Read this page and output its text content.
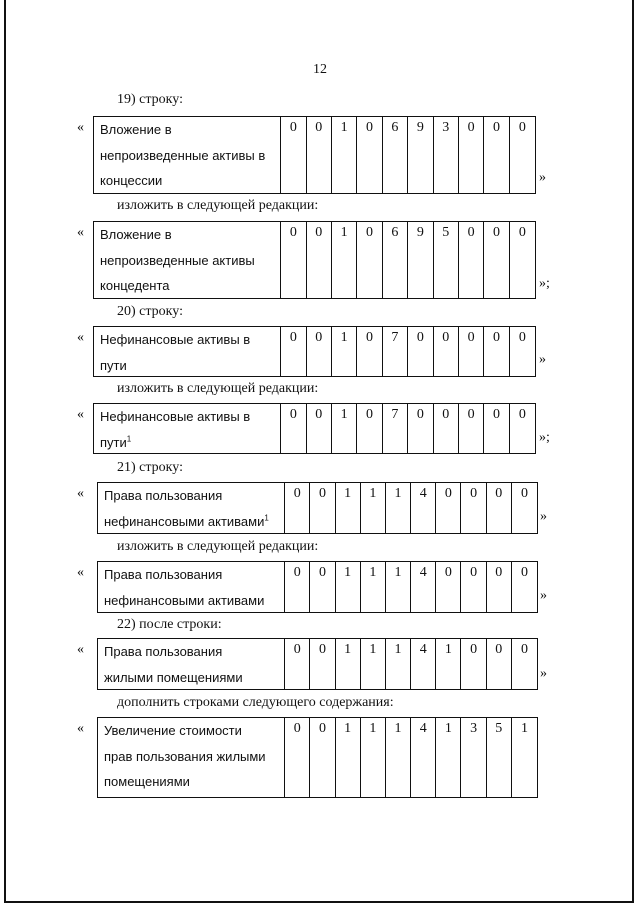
12
19) строку:
« Вложение в
непроизведенные активы в
концессии
0	0	1	0	6	9	3	0	0	0
»
изложить в следующей редакции:
« Вложение в
непроизведенные активы
концедента
0	0	1	0	6	9	5	0	0	0
»;
20) строку:
« Нефинансовые активы в
пути
0	0	1	0	7	0	0	0	0	0
»
изложить в следующей редакции:
« Нефинансовые активы в
пути$^1$
0	0	1	0	7	0	0	0	0	0
»;
21) строку:
« Права пользования
нефинансовыми активами$^1$
0	0	1	1	1	4	0	0	0	0
»
изложить в следующей редакции:
« Права пользования
нефинансовыми активами
0	0	1	1	1	4	0	0	0	0
»
22) после строки:
« Права пользования
жилыми помещениями
0	0	1	1	1	4	1	0	0	0
»
дополнить строками следующего содержания:
« Увеличение стоимости
прав пользования жилыми
помещениями
0	0	1	1	1	4	1	3	5	1
